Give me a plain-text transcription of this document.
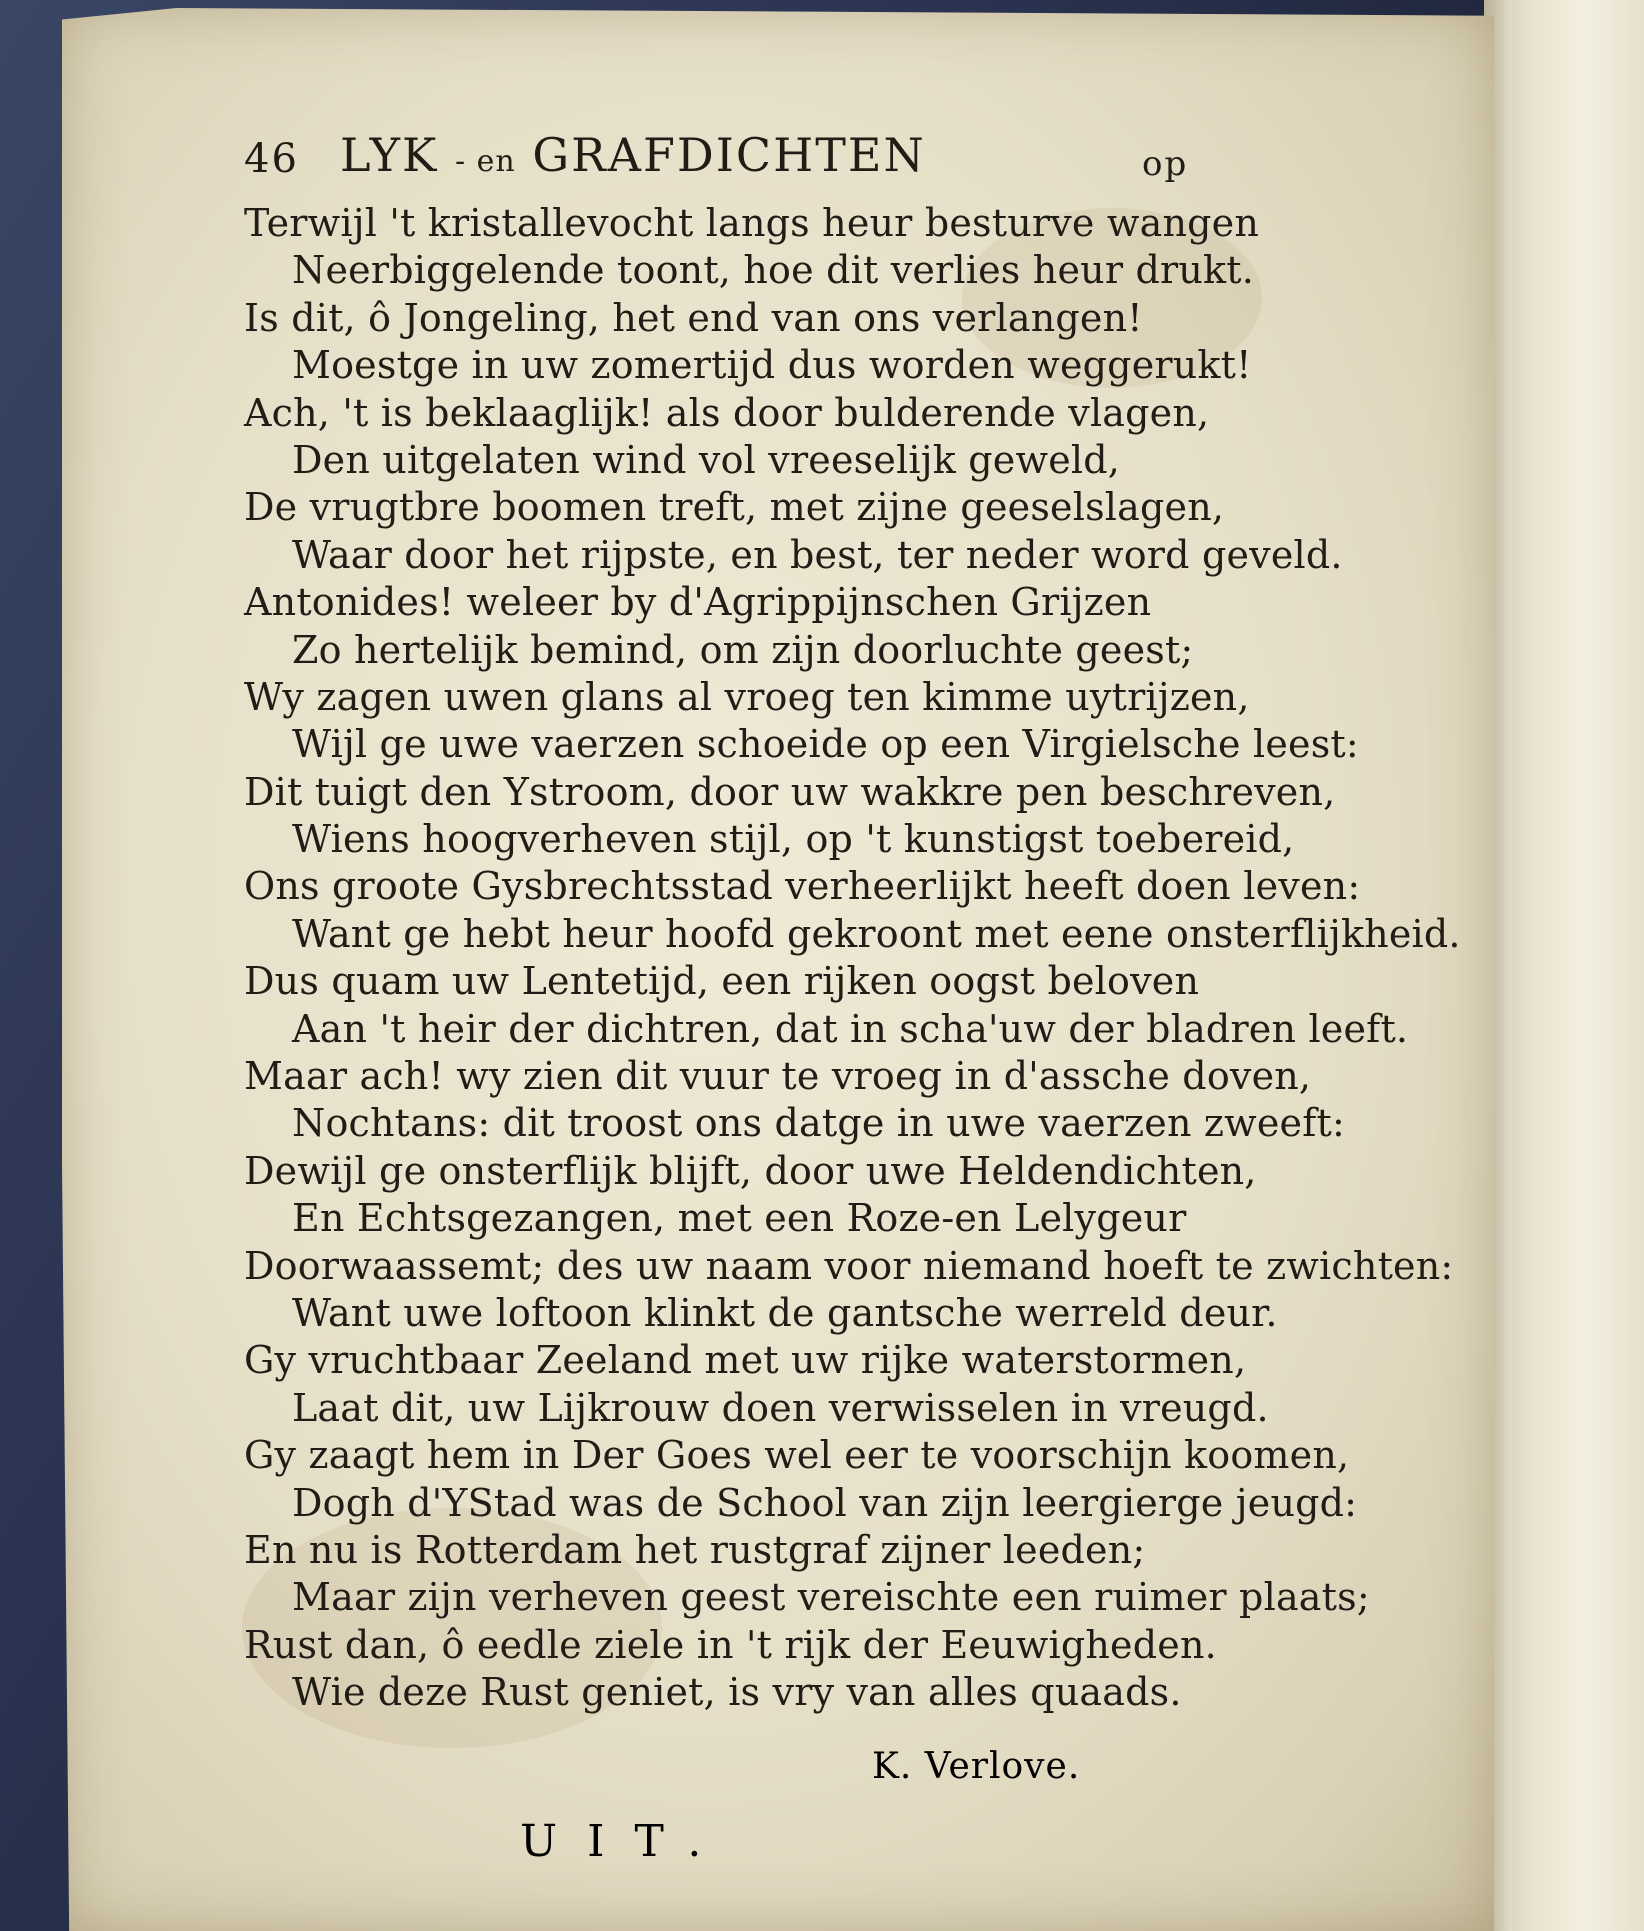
46 LYK - en GRAFDICHTEN	op
Terwijl 't kristallevocht langs heur besturve wangen
Neerbiggelende toont, hoe dit verlies heur drukt.
Is dit, ô Jongeling, het end van ons verlangen!
Moestge in uw zomertijd dus worden weggerukt!
Ach, 't is beklaaglijk! als door bulderende vlagen,
Den uitgelaten wind vol vreeselijk geweld,
De vrugtbre boomen treft, met zijne geeselslagen,
Waar door het rijpste, en best, ter neder word geveld.
Antonides! weleer by d'Agrippijnschen Grijzen
Zo hertelijk bemind, om zijn doorluchte geest;
Wy zagen uwen glans al vroeg ten kimme uytrijzen,
Wijl ge uwe vaerzen schoeide op een Virgielsche leest:
Dit tuigt den Ystroom, door uw wakkre pen beschreven,
Wiens hoogverheven stijl, op 't kunstigst toebereid,
Ons groote Gysbrechtsstad verheerlijkt heeft doen leven:
Want ge hebt heur hoofd gekroont met eene onsterflijkheid.
Dus quam uw Lentetijd, een rijken oogst beloven
Aan 't heir der dichtren, dat in scha'uw der bladren leeft.
Maar ach! wy zien dit vuur te vroeg in d'assche doven,
Nochtans: dit troost ons datge in uwe vaerzen zweeft:
Dewijl ge onsterflijk blijft, door uwe Heldendichten,
En Echtsgezangen, met een Roze-en Lelygeur
Doorwaassemt; des uw naam voor niemand hoeft te zwichten:
Want uwe loftoon klinkt de gantsche werreld deur.
Gy vruchtbaar Zeeland met uw rijke waterstormen,
Laat dit, uw Lijkrouw doen verwisselen in vreugd.
Gy zaagt hem in Der Goes wel eer te voorschijn koomen,
Dogh d'YStad was de School van zijn leergierge jeugd:
En nu is Rotterdam het rustgraf zijner leeden;
Maar zijn verheven geest vereischte een ruimer plaats;
Rust dan, ô eedle ziele in 't rijk der Eeuwigheden.
Wie deze Rust geniet, is vry van alles quaads.
K. Verlove.
UIT.
